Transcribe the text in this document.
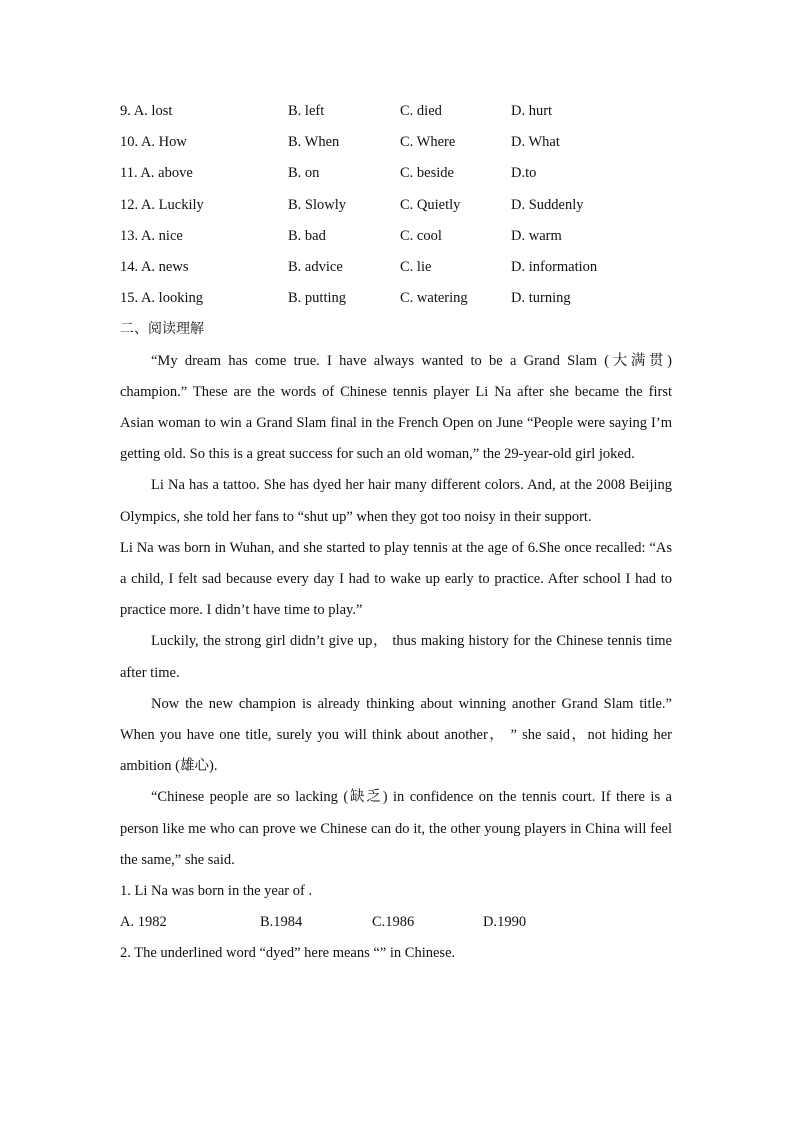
9. A. lost	B. left	C. died	D. hurt
10. A. How	B. When	C. Where	D. What
11. A. above	B. on	C. beside	D.to
12. A. Luckily	B. Slowly	C. Quietly	D. Suddenly
13. A. nice	B. bad	C. cool	D. warm
14. A. news	B. advice	C. lie	D. information
15. A. looking	B. putting	C. watering	D. turning
二、阅读理解

“My dream has come true. I have always wanted to be a Grand Slam (大满贯) champion.” These are the words of Chinese tennis player Li Na after she became the first Asian woman to win a Grand Slam final in the French Open on June “People were saying I’m getting old. So this is a great success for such an old woman,” the 29-year-old girl joked.

Li Na has a tattoo. She has dyed her hair many different colors. And, at the 2008 Beijing Olympics, she told her fans to “shut up” when they got too noisy in their support.

Li Na was born in Wuhan, and she started to play tennis at the age of 6.She once recalled: “As a child, I felt sad because every day I had to wake up early to practice. After school I had to practice more. I didn’t have time to play.”

Luckily, the strong girl didn’t give up， thus making history for the Chinese tennis time after time.

Now the new champion is already thinking about winning another Grand Slam title.” When you have one title, surely you will think about another， ” she said，not hiding her ambition (雄心).

“Chinese people are so lacking (缺乏) in confidence on the tennis court. If there is a person like me who can prove we Chinese can do it, the other young players in China will feel the same,” she said.

1. Li Na was born in the year of .
A. 1982	B.1984	C.1986	D.1990
2. The underlined word “dyed” here means “
” in Chinese.
